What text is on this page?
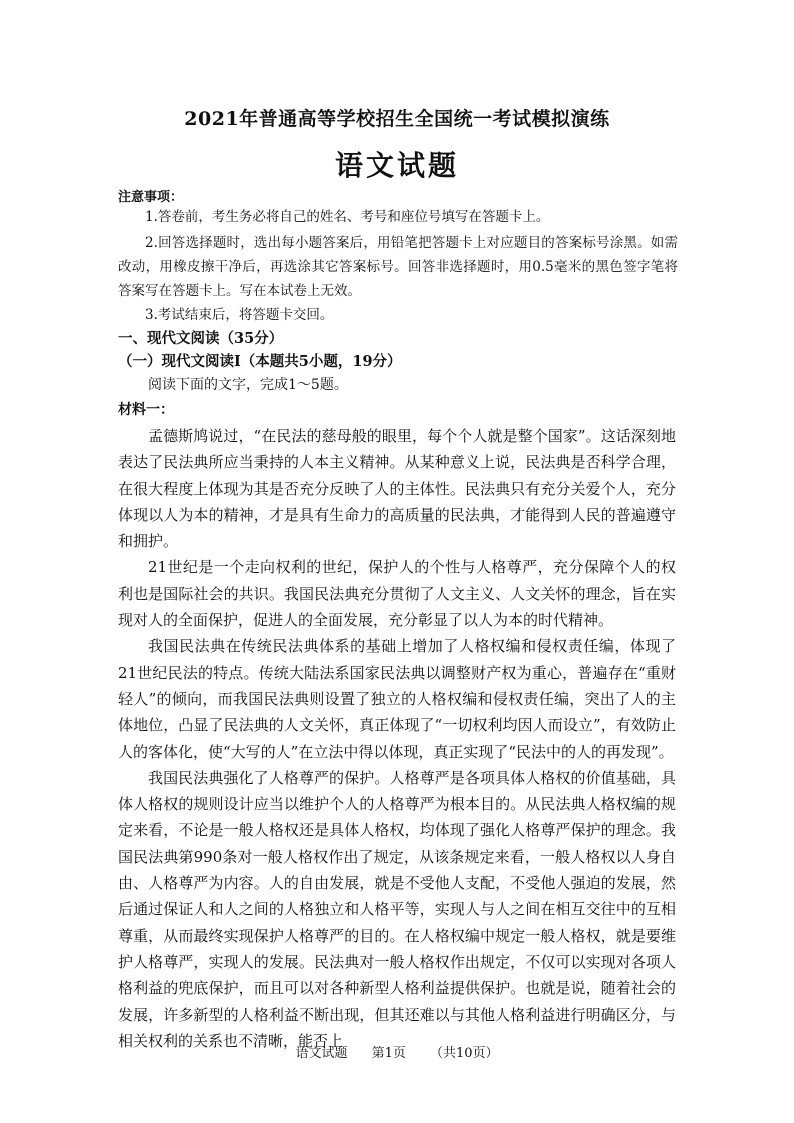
2021年普通高等学校招生全国统一考试模拟演练
语文试题
注意事项：

1.答卷前，考生务必将自己的姓名、考号和座位号填写在答题卡上。

2.回答选择题时，选出每小题答案后，用铅笔把答题卡上对应题目的答案标号涂黑。如需改动，用橡皮擦干净后，再选涂其它答案标号。回答非选择题时，用0.5毫米的黑色签字笔将答案写在答题卡上。写在本试卷上无效。

3.考试结束后，将答题卡交回。

一、现代文阅读（35分）
（一）现代文阅读Ⅰ（本题共5小题，19分）
阅读下面的文字，完成1～5题。
材料一：

孟德斯鸠说过，“在民法的慈母般的眼里，每个个人就是整个国家”。这话深刻地表达了民法典所应当秉持的人本主义精神。从某种意义上说，民法典是否科学合理，在很大程度上体现为其是否充分反映了人的主体性。民法典只有充分关爱个人，充分体现以人为本的精神，才是具有生命力的高质量的民法典，才能得到人民的普遍遵守和拥护。

21世纪是一个走向权利的世纪，保护人的个性与人格尊严，充分保障个人的权利也是国际社会的共识。我国民法典充分贯彻了人文主义、人文关怀的理念，旨在实现对人的全面保护，促进人的全面发展，充分彰显了以人为本的时代精神。

我国民法典在传统民法典体系的基础上增加了人格权编和侵权责任编，体现了21世纪民法的特点。传统大陆法系国家民法典以调整财产权为重心，普遍存在“重财轻人”的倾向，而我国民法典则设置了独立的人格权编和侵权责任编，突出了人的主体地位，凸显了民法典的人文关怀，真正体现了“一切权利均因人而设立”，有效防止人的客体化，使“大写的人”在立法中得以体现，真正实现了“民法中的人的再发现”。

我国民法典强化了人格尊严的保护。人格尊严是各项具体人格权的价值基础，具体人格权的规则设计应当以维护个人的人格尊严为根本目的。从民法典人格权编的规定来看，不论是一般人格权还是具体人格权，均体现了强化人格尊严保护的理念。我国民法典第990条对一般人格权作出了规定，从该条规定来看，一般人格权以人身自由、人格尊严为内容。人的自由发展，就是不受他人支配，不受他人强迫的发展，然后通过保证人和人之间的人格独立和人格平等，实现人与人之间在相互交往中的互相尊重，从而最终实现保护人格尊严的目的。在人格权编中规定一般人格权，就是要维护人格尊严，实现人的发展。民法典对一般人格权作出规定，不仅可以实现对各项人格利益的兜底保护，而且可以对各种新型人格利益提供保护。也就是说，随着社会的发展，许多新型的人格利益不断出现，但其还难以与其他人格利益进行明确区分，与相关权利的关系也不清晰，能否上

语文试题 第1页 （共10页）
